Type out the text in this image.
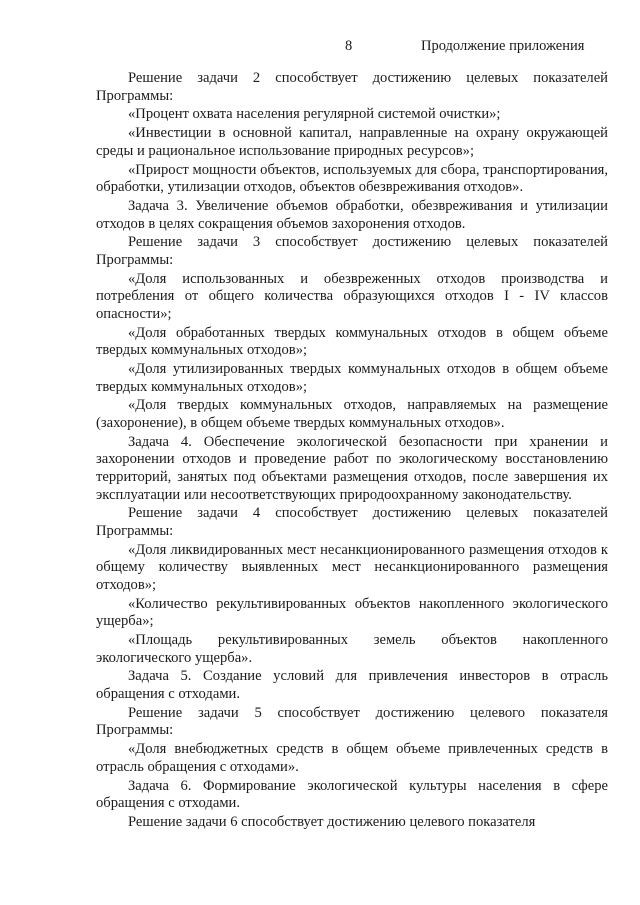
8	Продолжение приложения

Решение задачи 2 способствует достижению целевых показателей Программы:

«Процент охвата населения регулярной системой очистки»;

«Инвестиции в основной капитал, направленные на охрану окружающей среды и рациональное использование природных ресурсов»;

«Прирост мощности объектов, используемых для сбора, транспортирования, обработки, утилизации отходов, объектов обезвреживания отходов».

Задача 3. Увеличение объемов обработки, обезвреживания и утилизации отходов в целях сокращения объемов захоронения отходов.

Решение задачи 3 способствует достижению целевых показателей Программы:

«Доля использованных и обезвреженных отходов производства и потребления от общего количества образующихся отходов I - IV классов опасности»;

«Доля обработанных твердых коммунальных отходов в общем объеме твердых коммунальных отходов»;

«Доля утилизированных твердых коммунальных отходов в общем объеме твердых коммунальных отходов»;

«Доля твердых коммунальных отходов, направляемых на размещение (захоронение), в общем объеме твердых коммунальных отходов».

Задача 4. Обеспечение экологической безопасности при хранении и захоронении отходов и проведение работ по экологическому восстановлению территорий, занятых под объектами размещения отходов, после завершения их эксплуатации или несоответствующих природоохранному законодательству.

Решение задачи 4 способствует достижению целевых показателей Программы:

«Доля ликвидированных мест несанкционированного размещения отходов к общему количеству выявленных мест несанкционированного размещения отходов»;

«Количество рекультивированных объектов накопленного экологического ущерба»;

«Площадь рекультивированных земель объектов накопленного экологического ущерба».

Задача 5. Создание условий для привлечения инвесторов в отрасль обращения с отходами.

Решение задачи 5 способствует достижению целевого показателя Программы:

«Доля внебюджетных средств в общем объеме привлеченных средств в отрасль обращения с отходами».

Задача 6. Формирование экологической культуры населения в сфере обращения с отходами.

Решение задачи 6 способствует достижению целевого показателя
